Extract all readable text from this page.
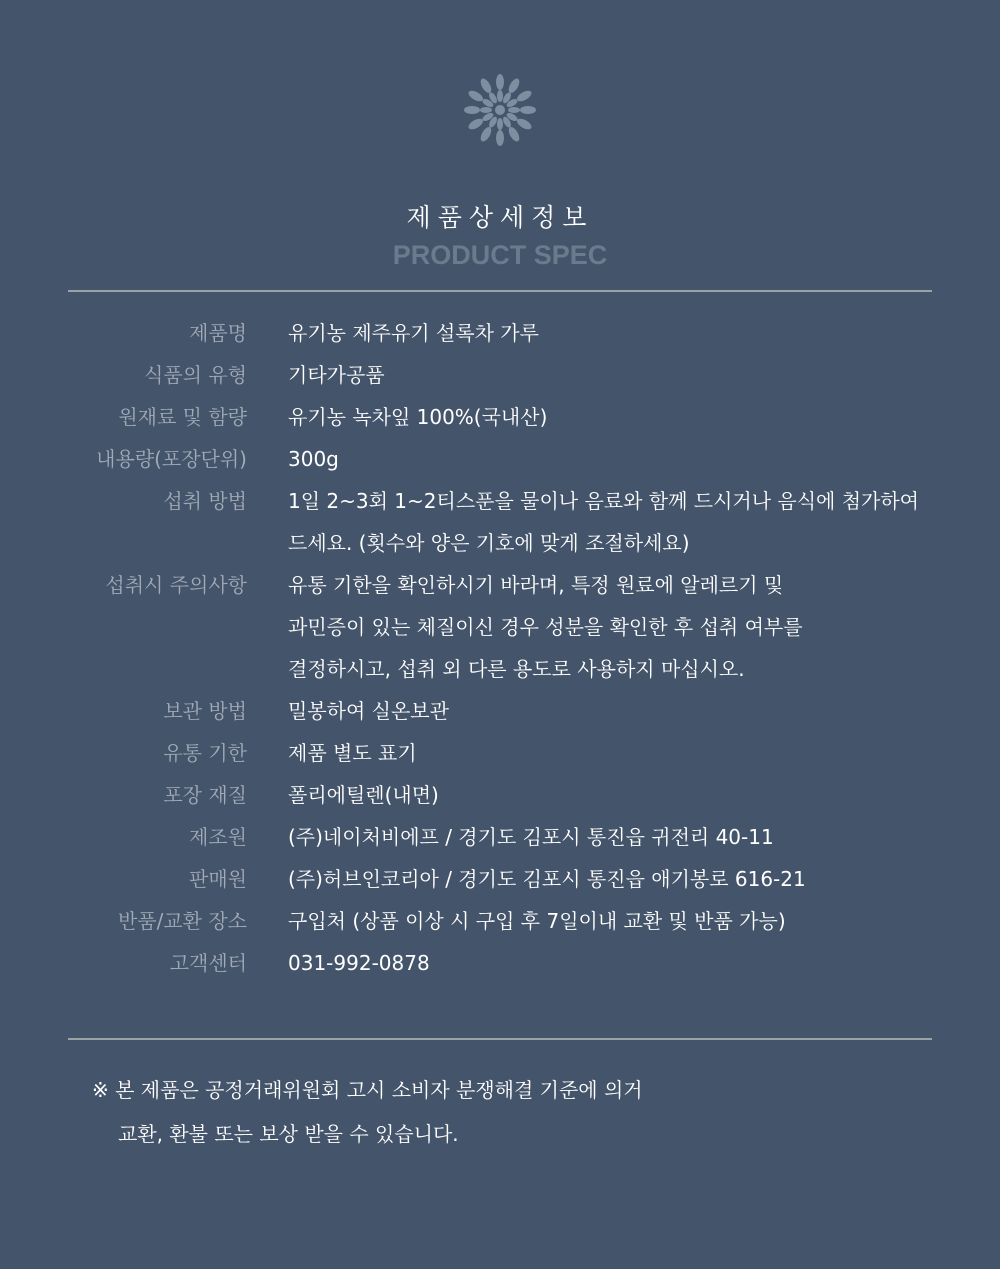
제품상세정보
PRODUCT SPEC
제품명 유기농 제주유기 설록차 가루
식품의 유형 기타가공품
원재료 및 함량 유기농 녹차잎 100%(국내산)
내용량(포장단위) 300g
섭취 방법 1일 2~3회 1~2티스푼을 물이나 음료와 함께 드시거나 음식에 첨가하여
드세요. (횟수와 양은 기호에 맞게 조절하세요)
섭취시 주의사항 유통 기한을 확인하시기 바라며, 특정 원료에 알레르기 및
과민증이 있는 체질이신 경우 성분을 확인한 후 섭취 여부를
결정하시고, 섭취 외 다른 용도로 사용하지 마십시오.
보관 방법 밀봉하여 실온보관
유통 기한 제품 별도 표기
포장 재질 폴리에틸렌(내면)
제조원 (주)네이처비에프 / 경기도 김포시 통진읍 귀전리 40-11
판매원 (주)허브인코리아 / 경기도 김포시 통진읍 애기봉로 616-21
반품/교환 장소 구입처 (상품 이상 시 구입 후 7일이내 교환 및 반품 가능)
고객센터 031-992-0878
※ 본 제품은 공정거래위원회 고시 소비자 분쟁해결 기준에 의거
교환, 환불 또는 보상 받을 수 있습니다.
